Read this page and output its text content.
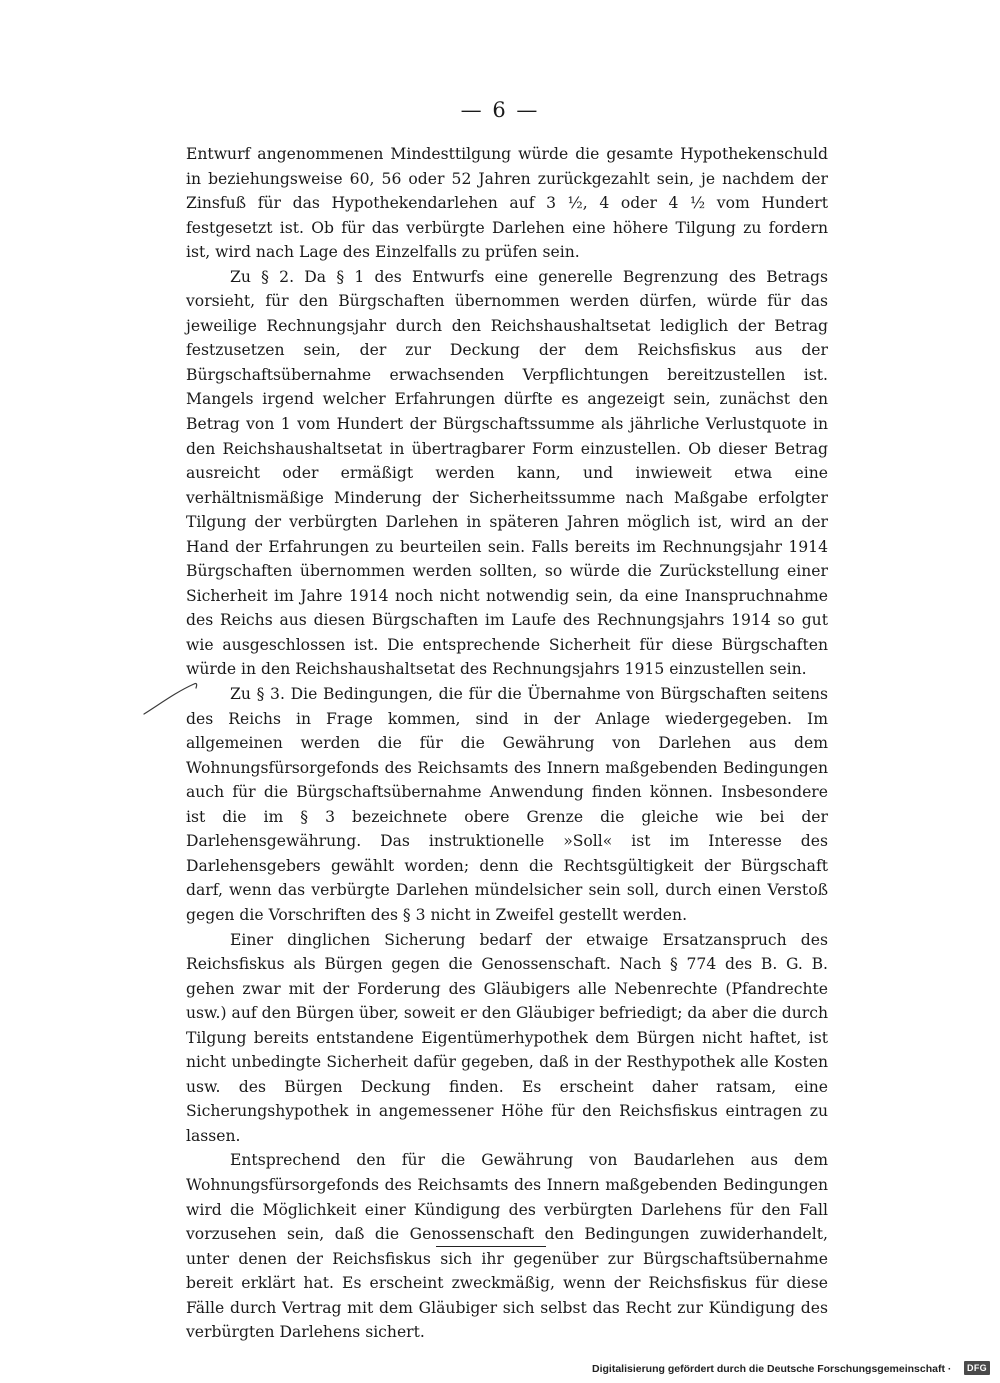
— 6 —

Entwurf angenommenen Mindesttilgung würde die gesamte Hypothekenschuld in beziehungsweise 60, 56 oder 52 Jahren zurückgezahlt sein, je nachdem der Zinsfuß für das Hypothekendarlehen auf 3 ½, 4 oder 4 ½ vom Hundert festgesetzt ist. Ob für das verbürgte Darlehen eine höhere Tilgung zu fordern ist, wird nach Lage des Einzelfalls zu prüfen sein.

Zu § 2. Da § 1 des Entwurfs eine generelle Begrenzung des Betrags vorsieht, für den Bürgschaften übernommen werden dürfen, würde für das jeweilige Rechnungsjahr durch den Reichshaushaltsetat lediglich der Betrag festzusetzen sein, der zur Deckung der dem Reichsfiskus aus der Bürgschaftsübernahme erwachsenden Verpflichtungen bereitzustellen ist. Mangels irgend welcher Erfahrungen dürfte es angezeigt sein, zunächst den Betrag von 1 vom Hundert der Bürgschaftssumme als jährliche Verlustquote in den Reichshaushaltsetat in übertragbarer Form einzustellen. Ob dieser Betrag ausreicht oder ermäßigt werden kann, und inwieweit etwa eine verhältnismäßige Minderung der Sicherheitssumme nach Maßgabe erfolgter Tilgung der verbürgten Darlehen in späteren Jahren möglich ist, wird an der Hand der Erfahrungen zu beurteilen sein. Falls bereits im Rechnungsjahr 1914 Bürgschaften übernommen werden sollten, so würde die Zurückstellung einer Sicherheit im Jahre 1914 noch nicht notwendig sein, da eine Inanspruchnahme des Reichs aus diesen Bürgschaften im Laufe des Rechnungsjahrs 1914 so gut wie ausgeschlossen ist. Die entsprechende Sicherheit für diese Bürgschaften würde in den Reichshaushaltsetat des Rechnungsjahrs 1915 einzustellen sein.

Zu § 3. Die Bedingungen, die für die Übernahme von Bürgschaften seitens des Reichs in Frage kommen, sind in der Anlage wiedergegeben. Im allgemeinen werden die für die Gewährung von Darlehen aus dem Wohnungsfürsorgefonds des Reichsamts des Innern maßgebenden Bedingungen auch für die Bürgschaftsübernahme Anwendung finden können. Insbesondere ist die im § 3 bezeichnete obere Grenze die gleiche wie bei der Darlehensgewährung. Das instruktionelle »Soll« ist im Interesse des Darlehensgebers gewählt worden; denn die Rechtsgültigkeit der Bürgschaft darf, wenn das verbürgte Darlehen mündelsicher sein soll, durch einen Verstoß gegen die Vorschriften des § 3 nicht in Zweifel gestellt werden.

Einer dinglichen Sicherung bedarf der etwaige Ersatzanspruch des Reichsfiskus als Bürgen gegen die Genossenschaft. Nach § 774 des B. G. B. gehen zwar mit der Forderung des Gläubigers alle Nebenrechte (Pfandrechte usw.) auf den Bürgen über, soweit er den Gläubiger befriedigt; da aber die durch Tilgung bereits entstandene Eigentümerhypothek dem Bürgen nicht haftet, ist nicht unbedingte Sicherheit dafür gegeben, daß in der Resthypothek alle Kosten usw. des Bürgen Deckung finden. Es erscheint daher ratsam, eine Sicherungshypothek in angemessener Höhe für den Reichsfiskus eintragen zu lassen.

Entsprechend den für die Gewährung von Baudarlehen aus dem Wohnungsfürsorgefonds des Reichsamts des Innern maßgebenden Bedingungen wird die Möglichkeit einer Kündigung des verbürgten Darlehens für den Fall vorzusehen sein, daß die Genossenschaft den Bedingungen zuwiderhandelt, unter denen der Reichsfiskus sich ihr gegenüber zur Bürgschaftsübernahme bereit erklärt hat. Es erscheint zweckmäßig, wenn der Reichsfiskus für diese Fälle durch Vertrag mit dem Gläubiger sich selbst das Recht zur Kündigung des verbürgten Darlehens sichert.

Digitalisierung gefördert durch die Deutsche Forschungsgemeinschaft ·	DFG
